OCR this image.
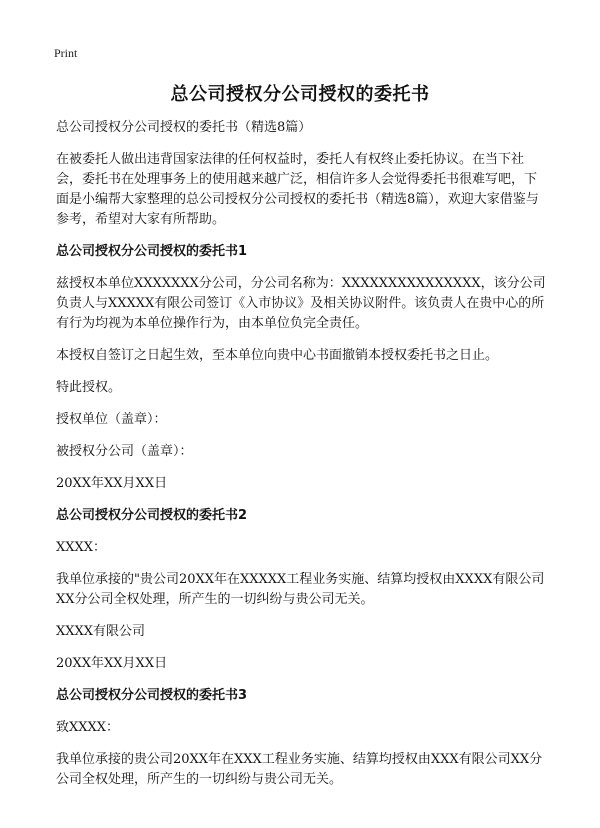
Print
总公司授权分公司授权的委托书

总公司授权分公司授权的委托书（精选8篇）

在被委托人做出违背国家法律的任何权益时，委托人有权终止委托协议。在当下社会，委托书在处理事务上的使用越来越广泛，相信许多人会觉得委托书很难写吧，下面是小编帮大家整理的总公司授权分公司授权的委托书（精选8篇），欢迎大家借鉴与参考，希望对大家有所帮助。

总公司授权分公司授权的委托书1

兹授权本单位XXXXXXX分公司，分公司名称为：XXXXXXXXXXXXXXX，该分公司负责人与XXXXX有限公司签订《入市协议》及相关协议附件。该负责人在贵中心的所有行为均视为本单位操作行为，由本单位负完全责任。

本授权自签订之日起生效，至本单位向贵中心书面撤销本授权委托书之日止。

特此授权。

授权单位（盖章）：

被授权分公司（盖章）：

20XX年XX月XX日

总公司授权分公司授权的委托书2

XXXX：

我单位承接的"贵公司20XX年在XXXXX工程业务实施、结算均授权由XXXX有限公司XX分公司全权处理，所产生的一切纠纷与贵公司无关。

XXXX有限公司

20XX年XX月XX日

总公司授权分公司授权的委托书3

致XXXX：

我单位承接的贵公司20XX年在XXX工程业务实施、结算均授权由XXX有限公司XX分公司全权处理，所产生的一切纠纷与贵公司无关。
